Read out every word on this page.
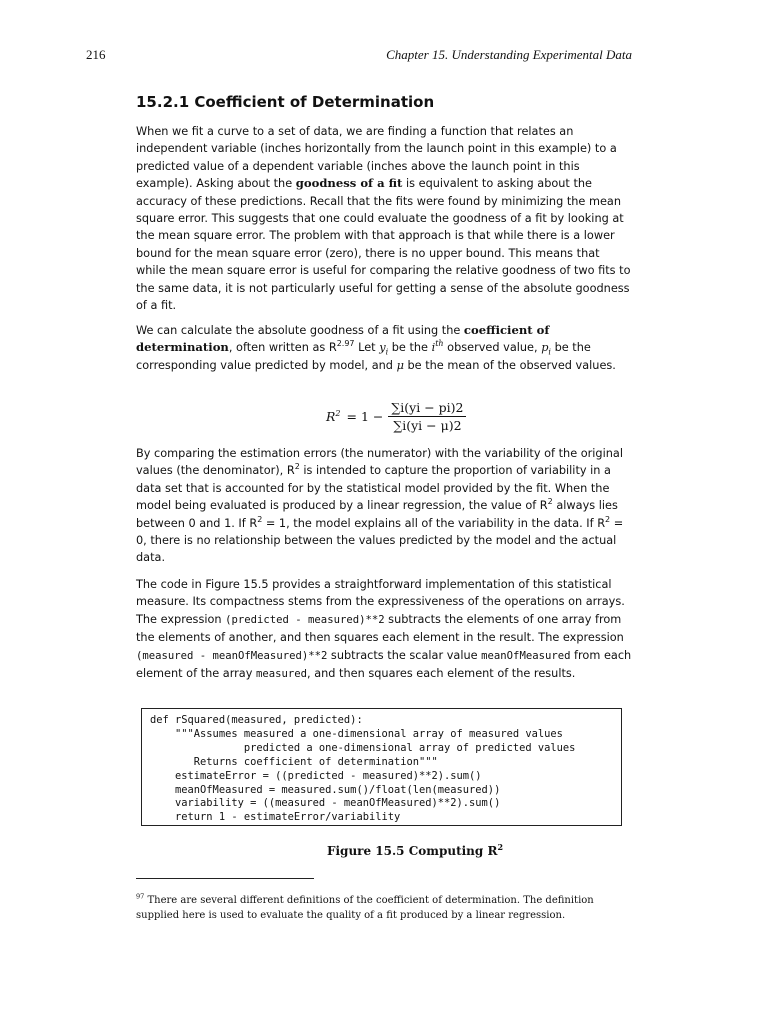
216	Chapter 15. Understanding Experimental Data
15.2.1 Coefficient of Determination

When we fit a curve to a set of data, we are finding a function that relates an independent variable (inches horizontally from the launch point in this example) to a predicted value of a dependent variable (inches above the launch point in this example). Asking about the goodness of a fit is equivalent to asking about the accuracy of these predictions. Recall that the fits were found by minimizing the mean square error. This suggests that one could evaluate the goodness of a fit by looking at the mean square error. The problem with that approach is that while there is a lower bound for the mean square error (zero), there is no upper bound. This means that while the mean square error is useful for comparing the relative goodness of two fits to the same data, it is not particularly useful for getting a sense of the absolute goodness of a fit.

We can calculate the absolute goodness of a fit using the coefficient of determination, often written as $R^{2.97}$ Let $y_i$ be the $i^{th}$ observed value, $p_i$ be the corresponding value predicted by model, and μ be the mean of the observed values.

$R^2 = 1 - \frac{\sum i(yi - pi)2}{\sum i(yi - \mu)2}$

By comparing the estimation errors (the numerator) with the variability of the original values (the denominator), $R^2$ is intended to capture the proportion of variability in a data set that is accounted for by the statistical model provided by the fit. When the model being evaluated is produced by a linear regression, the value of $R^2$ always lies between 0 and 1. If $R^2 = 1$, the model explains all of the variability in the data. If $R^2 = 0$, there is no relationship between the values predicted by the model and the actual data.

The code in Figure 15.5 provides a straightforward implementation of this statistical measure. Its compactness stems from the expressiveness of the operations on arrays. The expression (predicted - measured)**2 subtracts the elements of one array from the elements of another, and then squares each element in the result. The expression (measured - meanOfMeasured)**2 subtracts the scalar value meanOfMeasured from each element of the array measured, and then squares each element of the results.

def rSquared(measured, predicted):
"""Assumes measured a one-dimensional array of measured values
predicted a one-dimensional array of predicted values
Returns coefficient of determination"""
estimateError = ((predicted - measured)**2).sum()
meanOfMeasured = measured.sum()/float(len(measured))
variability = ((measured - meanOfMeasured)**2).sum()
return 1 - estimateError/variability
Figure 15.5 Computing $R^2$

$^{97}$ There are several different definitions of the coefficient of determination. The definition supplied here is used to evaluate the quality of a fit produced by a linear regression.
